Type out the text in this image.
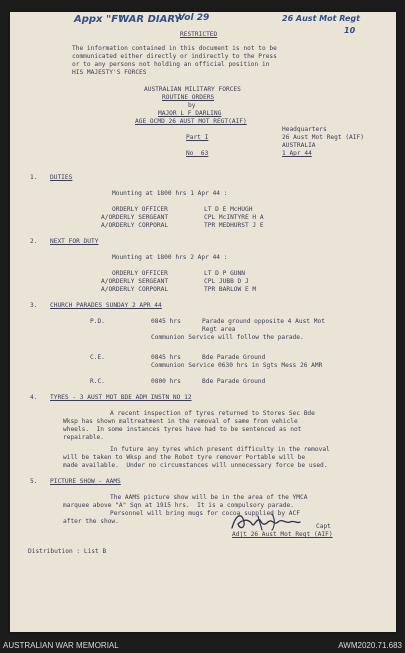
Appx "F"
WAR DIARY
Vol 29	26 Aust Mot Regt
10
RESTRICTED
The information contained in this document is not to be
communicated either directly or indirectly to the Press
or to any persons not holding an official position in
HIS MAJESTY'S FORCES
AUSTRALIAN MILITARY FORCES
ROUTINE ORDERS
by
MAJOR L F DARLING
AGE OCMD 26 AUST MOT REGT(AIF)
Part I
No  63
Headquarters
26 Aust Mot Regt (AIF)
AUSTRALIA
1 Apr 44
1. DUTIES
Mounting at 1800 hrs 1 Apr 44 :
ORDERLY OFFICER	LT D E McHUGH
A/ORDERLY SERGEANT	CPL McINTYRE H A
A/ORDERLY CORPORAL	TPR MEDHURST J E
2. NEXT FOR DUTY
Mounting at 1800 hrs 2 Apr 44 :
ORDERLY OFFICER	LT D P GUNN
A/ORDERLY SERGEANT	CPL JUBB D J
A/ORDERLY CORPORAL	TPR BARLOW E M
3. CHURCH PARADES SUNDAY 2 APR 44
P.D.	0845 hrs	Parade ground opposite 4 Aust Mot
Regt area
Communion Service will follow the parade.
C.E.	0845 hrs	Bde Parade Ground
Communion Service 0630 hrs in Sgts Mess 26 AMR
R.C.	0800 hrs	Bde Parade Ground
4. TYRES - 3 AUST MOT BDE ADM INSTN NO 12
A recent inspection of tyres returned to Stores Sec Bde
Wksp has shown maltreatment in the removal of same from vehicle
wheels.  In some instances tyres have had to be sentenced as not
repairable.
In future any tyres which present difficulty in the removal
will be taken to Wksp and the Robot tyre remover Portable will be
made available.  Under no circumstances will unnecessary force be used.
5. PICTURE SHOW - AAMS
The AAMS picture show will be in the area of the YMCA
marquee above "A" Sqn at 1915 hrs.  It is a compulsory parade.
Personnel will bring mugs for cocoa supplied by ACF
after the show.
Capt
Adjt 26 Aust Mot Regt (AIF)
Distribution : List B
AUSTRALIAN WAR MEMORIAL	AWM2020.71.683
